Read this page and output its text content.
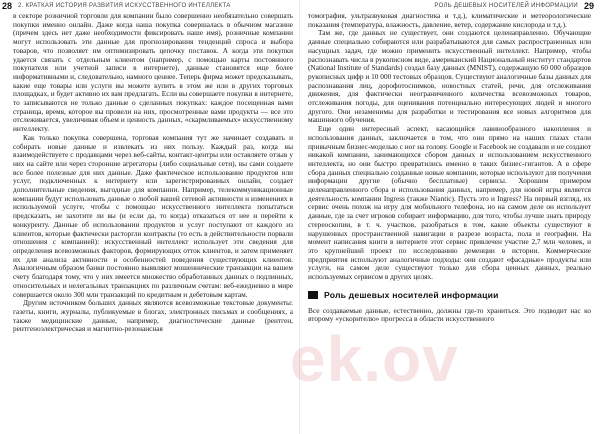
28 2. КРАТКАЯ ИСТОРИЯ РАЗВИТИЯ ИСКУССТВЕННОГО ИНТЕЛЛЕКТА

в секторе розничной торговли для компании было совершенно необязательно совершать покупки именно онлайн. Даже когда наша покупка совершалась в обычном магазине (причем здесь нет даже необходимости фиксировать наше имя), розничные компании могут использовать эти данные для прогнозирования тенденций спроса и выбора товаров, что позволяет им оптимизировать цепочку поставок. А когда эти покупки удается связать с отдельным клиентом (например, с помощью карты постоянного покупателя или учетной записи в интернете), данные становятся еще более информативными и, следовательно, намного ценнее. Теперь фирма может предсказывать, какие еще товары или услуги вы можете купить в этом же или в других торговых площадках, и будет активно их вам предлагать. Если вы совершаете покупки в интернете, то записываются не только данные о сделанных покупках: каждое посещенная вами страница, время, которое вы провели на них, просмотренные вами продукты — все это отслеживается, увеличивая объем и ценность данных, «скармливаемых» искусственному интеллекту.

Как только покупка совершена, торговая компания тут же начинает создавать и собирать новые данные и извлекать из них пользу. Каждый раз, когда вы взаимодействуете с продавцами через веб-сайты, контакт-центры или оставляете отзыв у них на сайте или через сторонние агрегаторы (либо социальные сети), вы сами создаете все более полезные для них данные. Даже фактическое использование продуктов или услуг, подключенных к интернету или зарегистрированных онлайн, создает дополнительные сведения, выгодные для компании. Например, телекоммуникационные компании будут использовать данные о любой вашей сетевой активности и изменениях в используемой услуге, чтобы с помощью искусственного интеллекта попытаться предсказать, не захотите ли вы (и если да, то когда) отказаться от нее и перейти к конкуренту. Данные об использовании продуктов и услуг поступают от каждого из клиентов, которые фактически расторгли контракты (то есть в действительности порвали отношения с компанией): искусственный интеллект использует эти сведения для определения всевозможных факторов, формирующих отток клиентов, и затем применяет их для анализа активности и особенностей поведения существующих клиентов. Аналогичным образом банки постоянно выявляют мошеннические транзакции на вашем счету благодаря тому, что у них имеется множество обработанных данных о подлинных, относительных и нелегальных транзакциях по различным счетам: веб-ежедневно в мире совершается около 300 млн транзакций по кредитным и дебетовым картам.

Другим источником больших данных являются всевозможные текстовые документы: газеты, книги, журналы, публикуемые в блогах, электронных письмах и сообщениях, а также медицинские данные, например, диагностические данные (рентген, рентгеноэлектрическая и магнитно-резонансная

РОЛЬ ДЕШЕВЫХ НОСИТЕЛЕЙ ИНФОРМАЦИИ 29

томография, ультразвуковая диагностика и т.д.), климатические и метеорологические показания (температура, влажность, давление, ветер, содержание кислорода и т.д.).

Там же, где данных не существует, они создаются целенаправленно. Обучающие данные специально собираются или разрабатываются для самых распространенных или насущных задач, где можно применить искусственный интеллект. Например, чтобы распознавать числа в рукописном виде, американский Национальный институт стандартов (National Institute of Standards) создал базу данных (MNIST), содержащую 60 000 образцов рукописных цифр и 10 000 тестовых образцов. Существуют аналогичные базы данных для распознавания лиц, дорофотоснимков, новостных статей, речи, для отслеживания движения, для фактически неограниченного количества всевозможных товаров, отслеживания погоды, для оценивания потенциально интересующих людей и многого другого. Они незаменимы для разработки и тестирования все новых алгоритмов для машинного обучения.

Еще один интересный аспект, касающийся лавинообразного накопления и использования данных, заключается в том, что они прямо на наших глазах стали привычным бизнес-моделью с ног на голову. Google и Facebook не создавали и не создают никакой компании, занимающихся сбором данных и использованием искусственного интеллекта, но они быстро превратились именно в таких бизнес-гигантов. А в сфере сбора данных специально созданные новые компании, которые используют для получения информации другие (обычно бесплатные) сервисы. Хорошим примером целенаправленного сбора и использования данных, например, для новой игры является деятельность компании Ingress (также Niantic). Пусть это и Ingress? На первый взгляд, их сервис очень похож на игру для мобильного телефона, но на самом деле он использует данные, где за счет игроков собирает информацию, для того, чтобы лучше знать природу стереоскопии, в т. ч. участков, разобраться в том, какие объекты существуют в нарушенных пространственной навигации в разрезе возраста, пола и географии. На момент написания книги в интернете этот сервис привлечен участие 2,7 млн человек, и это крупнейший проект по исследованию деменции в истории. Коммерческие предприятия используют аналогичные подходы: они создают «фасадные» продукты или услуги, на самом деле существуют только для сбора ценных данных, реально используемых сервисом в других целях.

Роль дешевых носителей информации

Все создаваемые данные, естественно, должны где-то храниться. Это подводит нас ко второму «ускорителю» прогресса в области искусственного

ek.ov
